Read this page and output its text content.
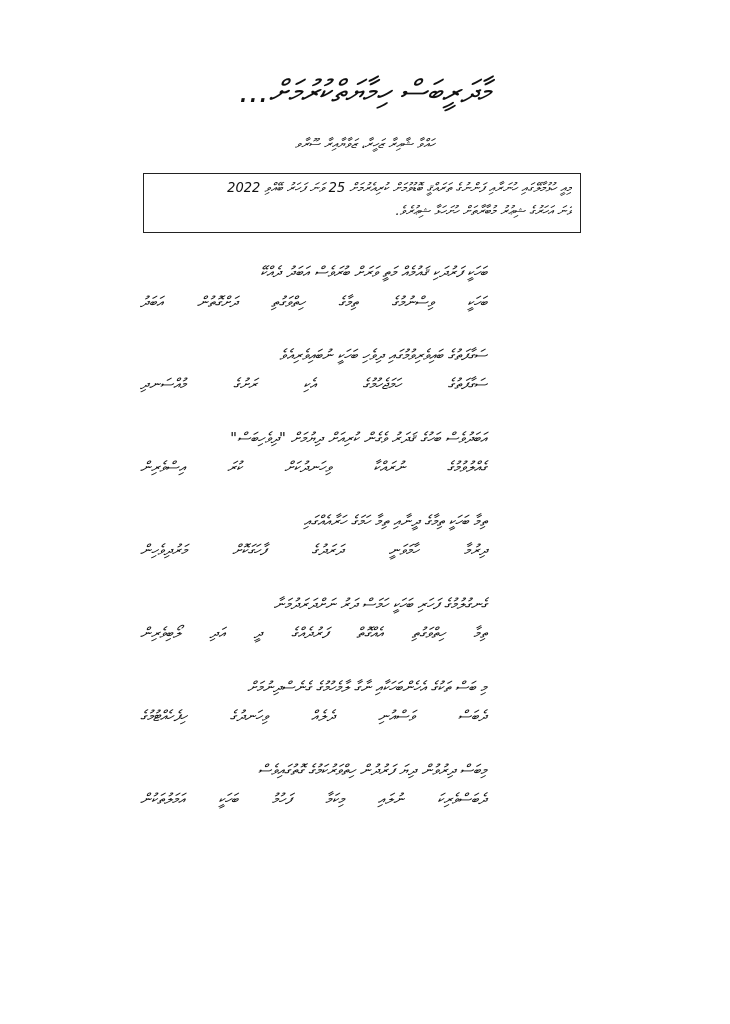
މާދަރީބަސް ހިމާޔަތްކުރުމަށް...
ހައްވާ ޝާއިރާ ޒަހީރާ، ޒަވާޔާއިރާ ސޫރާވ
މިއީ ހުޅުމާލޭގައި ހުނަރާއި ފަންނުގެ ތަރައްޤީ ބޮޑުވުމަށް ކުރިއެރުމަށް 25 ވަނަ ފަހަރު ބޭއްވި 2022
ވަނަ އަހަރުގެ ޝިޢުރު މުބާރާތަށް ހުށަހަޅާ ޝިޢުރެވެ.
ބަހަކީ ފަރުދަކި ޤައުމެއް މަތީ ވަރަށް ބުރަވެސް އަބަދު ދެއްކޭ
ބަހަކީ ވިސްނުމުގެ ތިމާގެ ހިތްވަގުތި ދަށްގޮތުން އަބަދު
ސަގާފަތުގެ ބައިވެރިވުމުގައި ދިވެހި ބަހަކީ ނުބައިވެރިއެވެ
ސަގާފަތުގެ ހަމަޖެހުމުގެ އެކި ރަށުގެ މުއްސަނދި
އަބަދުވެސް ބަހުގެ ޤަދަރު ވެގެން ކުރިއަށް ދިޔުމަށް "ދިވެހިބަސް"
ގެއްލުވުމުގެ ނުރައްކާ ވިހަނދުކަށް ކުރަ އިސްވެރިން
ތިމާ ބަހަކީ ތިމާގެ ދީނާއި ތިމާ ހަމަގެ ހަރާއެއްގައި
ދިރުމާ ހާމަވަނީ ދަރަދުގެ ފާހަގަކޮށް މަރުދިވެހިން
ގެނގުލުމުގެ ފަހަރި ބަހަކީ ހަމަސް ދަރު ނަށްދަރަދުމަނާ
ތިމާ ހިތްވަގުތި އެއްގޮތް ފަރުދެއްގެ ދީ އަދި ލޯބިވެރިން
މި ބަސް ތަކުގެ އެހެންބަހަކާއި ނާގާ ލާމެހުމުގެ ގެނެސްދިނުމަށް
ދެބަސް ވަސްއުނި ދެލެއް ވިހަނދުގެ ހިފެހެއްޓުމުގެ
މިބަސް ދިރުވުން ދިޔަ ފަރުދުން ހިތްވަރުކަމުގެ ގޮތުގައިވެސް
ދެބަސްވެރިކަ ނުލައި މިކަމާ ފަހުމު ބަހަކީ އަމަލުތަކުން
